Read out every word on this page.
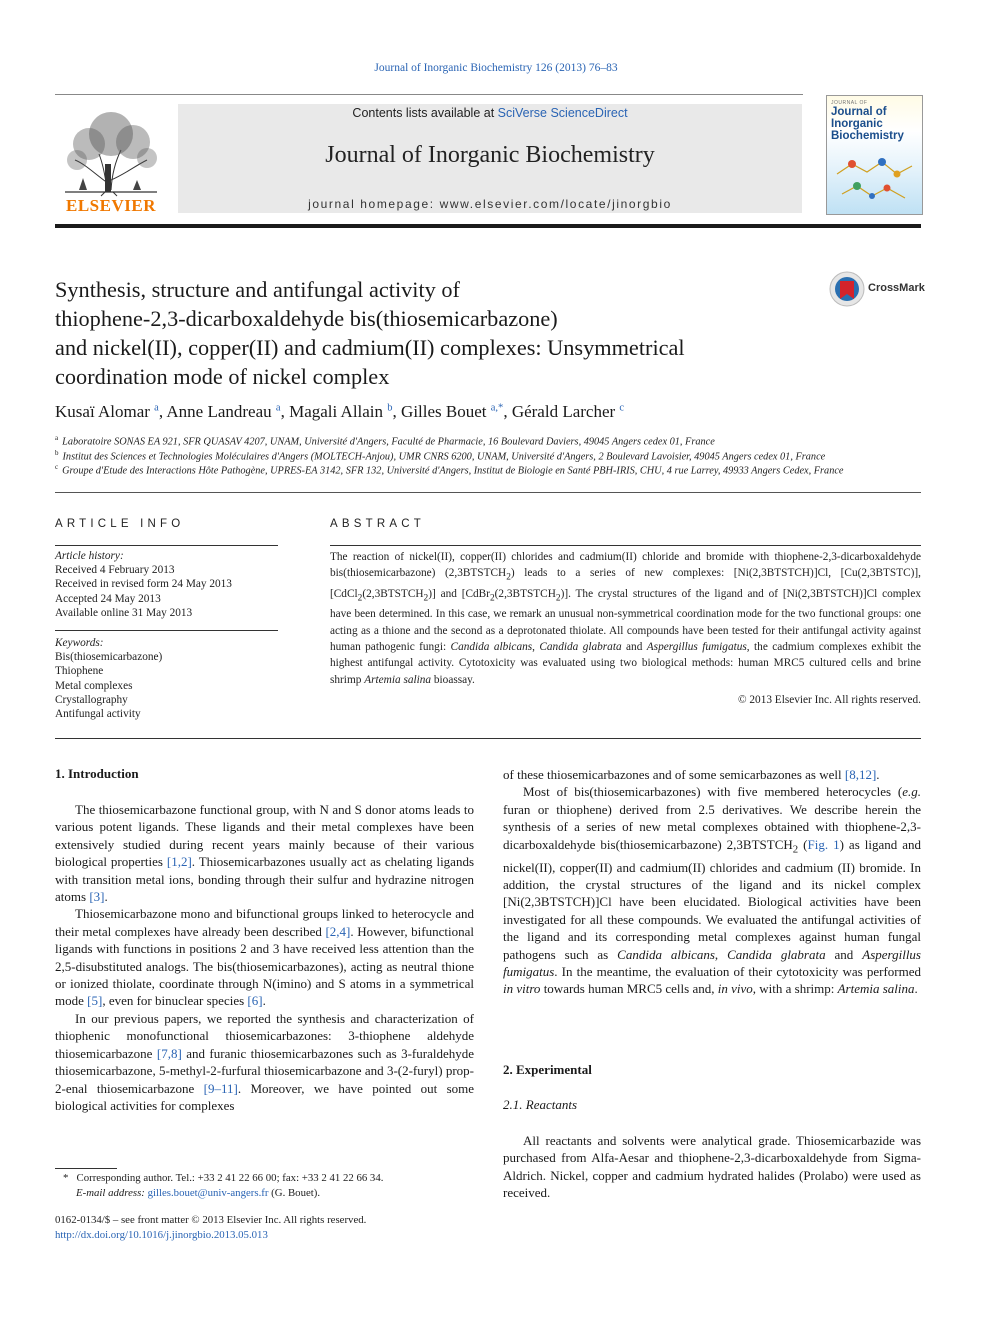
Journal of Inorganic Biochemistry 126 (2013) 76–83
ELSEVIER
Contents lists available at SciVerse ScienceDirect
Journal of Inorganic Biochemistry
journal homepage: www.elsevier.com/locate/jinorgbio
JOURNAL OF
Journal of Inorganic Biochemistry
Synthesis, structure and antifungal activity of
thiophene-2,3-dicarboxaldehyde bis(thiosemicarbazone)
and nickel(II), copper(II) and cadmium(II) complexes: Unsymmetrical
coordination mode of nickel complex
CrossMark
Kusaï Alomar $^a$, Anne Landreau $^a$, Magali Allain $^b$, Gilles Bouet $^{a,*}$, Gérald Larcher $^c$
$^a$ Laboratoire SONAS EA 921, SFR QUASAV 4207, UNAM, Université d'Angers, Faculté de Pharmacie, 16 Boulevard Daviers, 49045 Angers cedex 01, France
$^b$ Institut des Sciences et Technologies Moléculaires d'Angers (MOLTECH-Anjou), UMR CNRS 6200, UNAM, Université d'Angers, 2 Boulevard Lavoisier, 49045 Angers cedex 01, France
$^c$ Groupe d'Etude des Interactions Hôte Pathogène, UPRES-EA 3142, SFR 132, Université d'Angers, Institut de Biologie en Santé PBH-IRIS, CHU, 4 rue Larrey, 49933 Angers Cedex, France
ARTICLE INFO
Article history:
Received 4 February 2013
Received in revised form 24 May 2013
Accepted 24 May 2013
Available online 31 May 2013
Keywords:
Bis(thiosemicarbazone)
Thiophene
Metal complexes
Crystallography
Antifungal activity
ABSTRACT
The reaction of nickel(II), copper(II) chlorides and cadmium(II) chloride and bromide with thiophene-2,3-dicarboxaldehyde bis(thiosemicarbazone) $(2,3BTSTCH_2)$ leads to a series of new complexes: [Ni(2,3BTSTCH)]Cl, [Cu(2,3BTSTC)], $[CdCl_2(2,3BTSTCH_2)]$ and $[CdBr_2(2,3BTSTCH_2)]$. The crystal structures of the ligand and of [Ni(2,3BTSTCH)]Cl complex have been determined. In this case, we remark an unusual non-symmetrical coordination mode for the two functional groups: one acting as a thione and the second as a deprotonated thiolate. All compounds have been tested for their antifungal activity against human pathogenic fungi: Candida albicans, Candida glabrata and Aspergillus fumigatus, the cadmium complexes exhibit the highest antifungal activity. Cytotoxicity was evaluated using two biological methods: human MRC5 cultured cells and brine shrimp Artemia salina bioassay.
© 2013 Elsevier Inc. All rights reserved.
1. Introduction

The thiosemicarbazone functional group, with N and S donor atoms leads to various potent ligands. These ligands and their metal complexes have been extensively studied during recent years mainly because of their various biological properties [1,2]. Thiosemicarbazones usually act as chelating ligands with transition metal ions, bonding through their sulfur and hydrazine nitrogen atoms [3].

Thiosemicarbazone mono and bifunctional groups linked to heterocycle and their metal complexes have already been described [2,4]. However, bifunctional ligands with functions in positions 2 and 3 have received less attention than the 2,5-disubstituted analogs. The bis(thiosemicarbazones), acting as neutral thione or ionized thiolate, coordinate through N(imino) and S atoms in a symmetrical mode [5], even for binuclear species [6].

In our previous papers, we reported the synthesis and characterization of thiophenic monofunctional thiosemicarbazones: 3-thiophene aldehyde thiosemicarbazone [7,8] and furanic thiosemicarbazones such as 3-furaldehyde thiosemicarbazone, 5-methyl-2-furfural thiosemicarbazone and 3-(2-furyl) prop-2-enal thiosemicarbazone [9–11]. Moreover, we have pointed out some biological activities for complexes

of these thiosemicarbazones and of some semicarbazones as well [8,12].

Most of bis(thiosemicarbazones) with five membered heterocycles (e.g. furan or thiophene) derived from 2.5 derivatives. We describe herein the synthesis of a series of new metal complexes obtained with thiophene-2,3-dicarboxaldehyde bis(thiosemicarbazone) $2,3BTSTCH_2$ (Fig. 1) as ligand and nickel(II), copper(II) and cadmium(II) chlorides and cadmium (II) bromide. In addition, the crystal structures of the ligand and its nickel complex [Ni(2,3BTSTCH)]Cl have been elucidated. Biological activities have been investigated for all these compounds. We evaluated the antifungal activities of the ligand and its corresponding metal complexes against human fungal pathogens such as Candida albicans, Candida glabrata and Aspergillus fumigatus. In the meantime, the evaluation of their cytotoxicity was performed in vitro towards human MRC5 cells and, in vivo, with a shrimp: Artemia salina.

2. Experimental
2.1. Reactants

All reactants and solvents were analytical grade. Thiosemicarbazide was purchased from Alfa-Aesar and thiophene-2,3-dicarboxaldehyde from Sigma-Aldrich. Nickel, copper and cadmium hydrated halides (Prolabo) were used as received.

* Corresponding author. Tel.: +33 2 41 22 66 00; fax: +33 2 41 22 66 34.
E-mail address: gilles.bouet@univ-angers.fr (G. Bouet).
0162-0134/$ – see front matter © 2013 Elsevier Inc. All rights reserved.
http://dx.doi.org/10.1016/j.jinorgbio.2013.05.013
